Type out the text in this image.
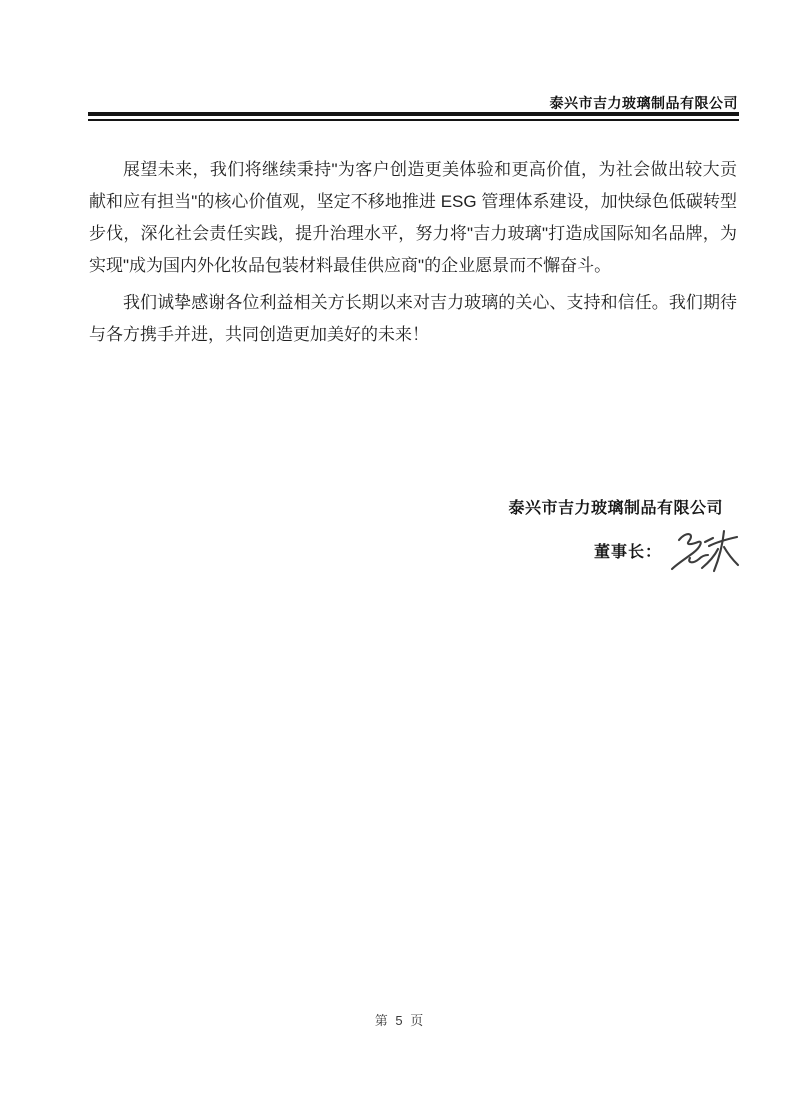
泰兴市吉力玻璃制品有限公司

展望未来，我们将继续秉持"为客户创造更美体验和更高价值，为社会做出较大贡献和应有担当"的核心价值观，坚定不移地推进 ESG 管理体系建设，加快绿色低碳转型步伐，深化社会责任实践，提升治理水平，努力将"吉力玻璃"打造成国际知名品牌，为实现"成为国内外化妆品包装材料最佳供应商"的企业愿景而不懈奋斗。

我们诚挚感谢各位利益相关方长期以来对吉力玻璃的关心、支持和信任。我们期待与各方携手并进，共同创造更加美好的未来！

泰兴市吉力玻璃制品有限公司
董事长：
第 5 页
